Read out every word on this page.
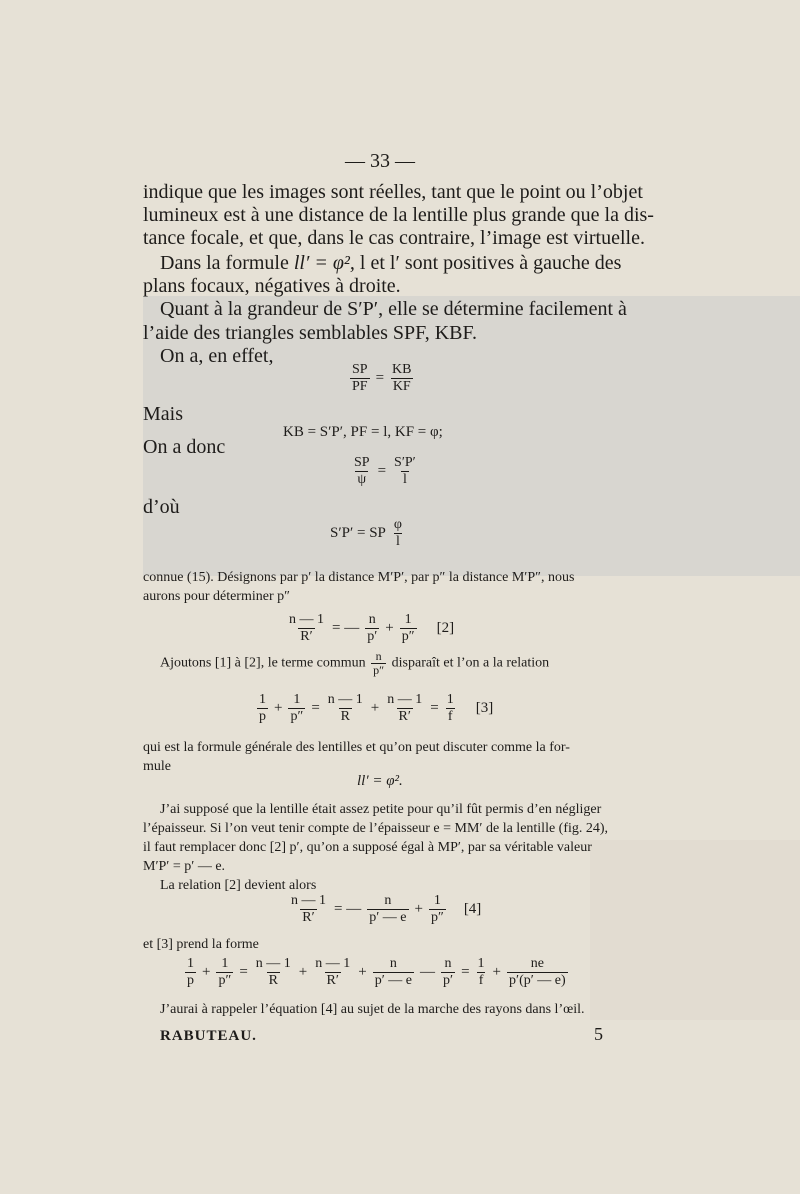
— 33 —
indique que les images sont réelles, tant que le point ou l’objet
lumineux est à une distance de la lentille plus grande que la dis-
tance focale, et que, dans le cas contraire, l’image est virtuelle.
Dans la formule ll′ = φ², l et l′ sont positives à gauche des
plans focaux, négatives à droite.
Quant à la grandeur de S′P′, elle se détermine facilement à
l’aide des triangles semblables SPF, KBF.
On a, en effet,
$\frac{SP}{PF} = \frac{KB}{KF}$
Mais
KB = S′P′, PF = l, KF = φ;
On a donc
$\frac{SP}{\psi} = \frac{S'P'}{l}$
d’où
S′P′ = SP $\frac{\varphi}{l}$
connue (15). Désignons par p′ la distance M′P′, par p″ la distance M′P″, nous
aurons pour déterminer p″
$\frac{n — 1}{R'}$ = — $\frac{n}{p'} + \frac{1}{p''} [2]$
Ajoutons [1] à [2], le terme commun $\frac{n}{p''}$ disparaît et l’on a la relation
$\frac{1}{p} + \frac{1}{p''} = \frac{n — 1}{R} + \frac{n — 1}{R'} = \frac{1}{f} [3]$
qui est la formule générale des lentilles et qu’on peut discuter comme la for-
mule
ll′ = φ².
J’ai supposé que la lentille était assez petite pour qu’il fût permis d’en négliger
l’épaisseur. Si l’on veut tenir compte de l’épaisseur e = MM′ de la lentille (fig. 24),
il faut remplacer donc [2] p′, qu’on a supposé égal à MP′, par sa véritable valeur
M′P′ = p′ — e.
La relation [2] devient alors
$\frac{n — 1}{R'}$ = — $\frac{n}{p' — e} + \frac{1}{p''} [4]$
et [3] prend la forme
$\frac{1}{p} + \frac{1}{p''} = \frac{n — 1}{R} + \frac{n — 1}{R'} + \frac{n}{p' — e}$ — $\frac{n}{p'} = \frac{1}{f} + \frac{ne}{p'(p' — e)}$
J’aurai à rappeler l’équation [4] au sujet de la marche des rayons dans l’œil.
RABUTEAU.	5
